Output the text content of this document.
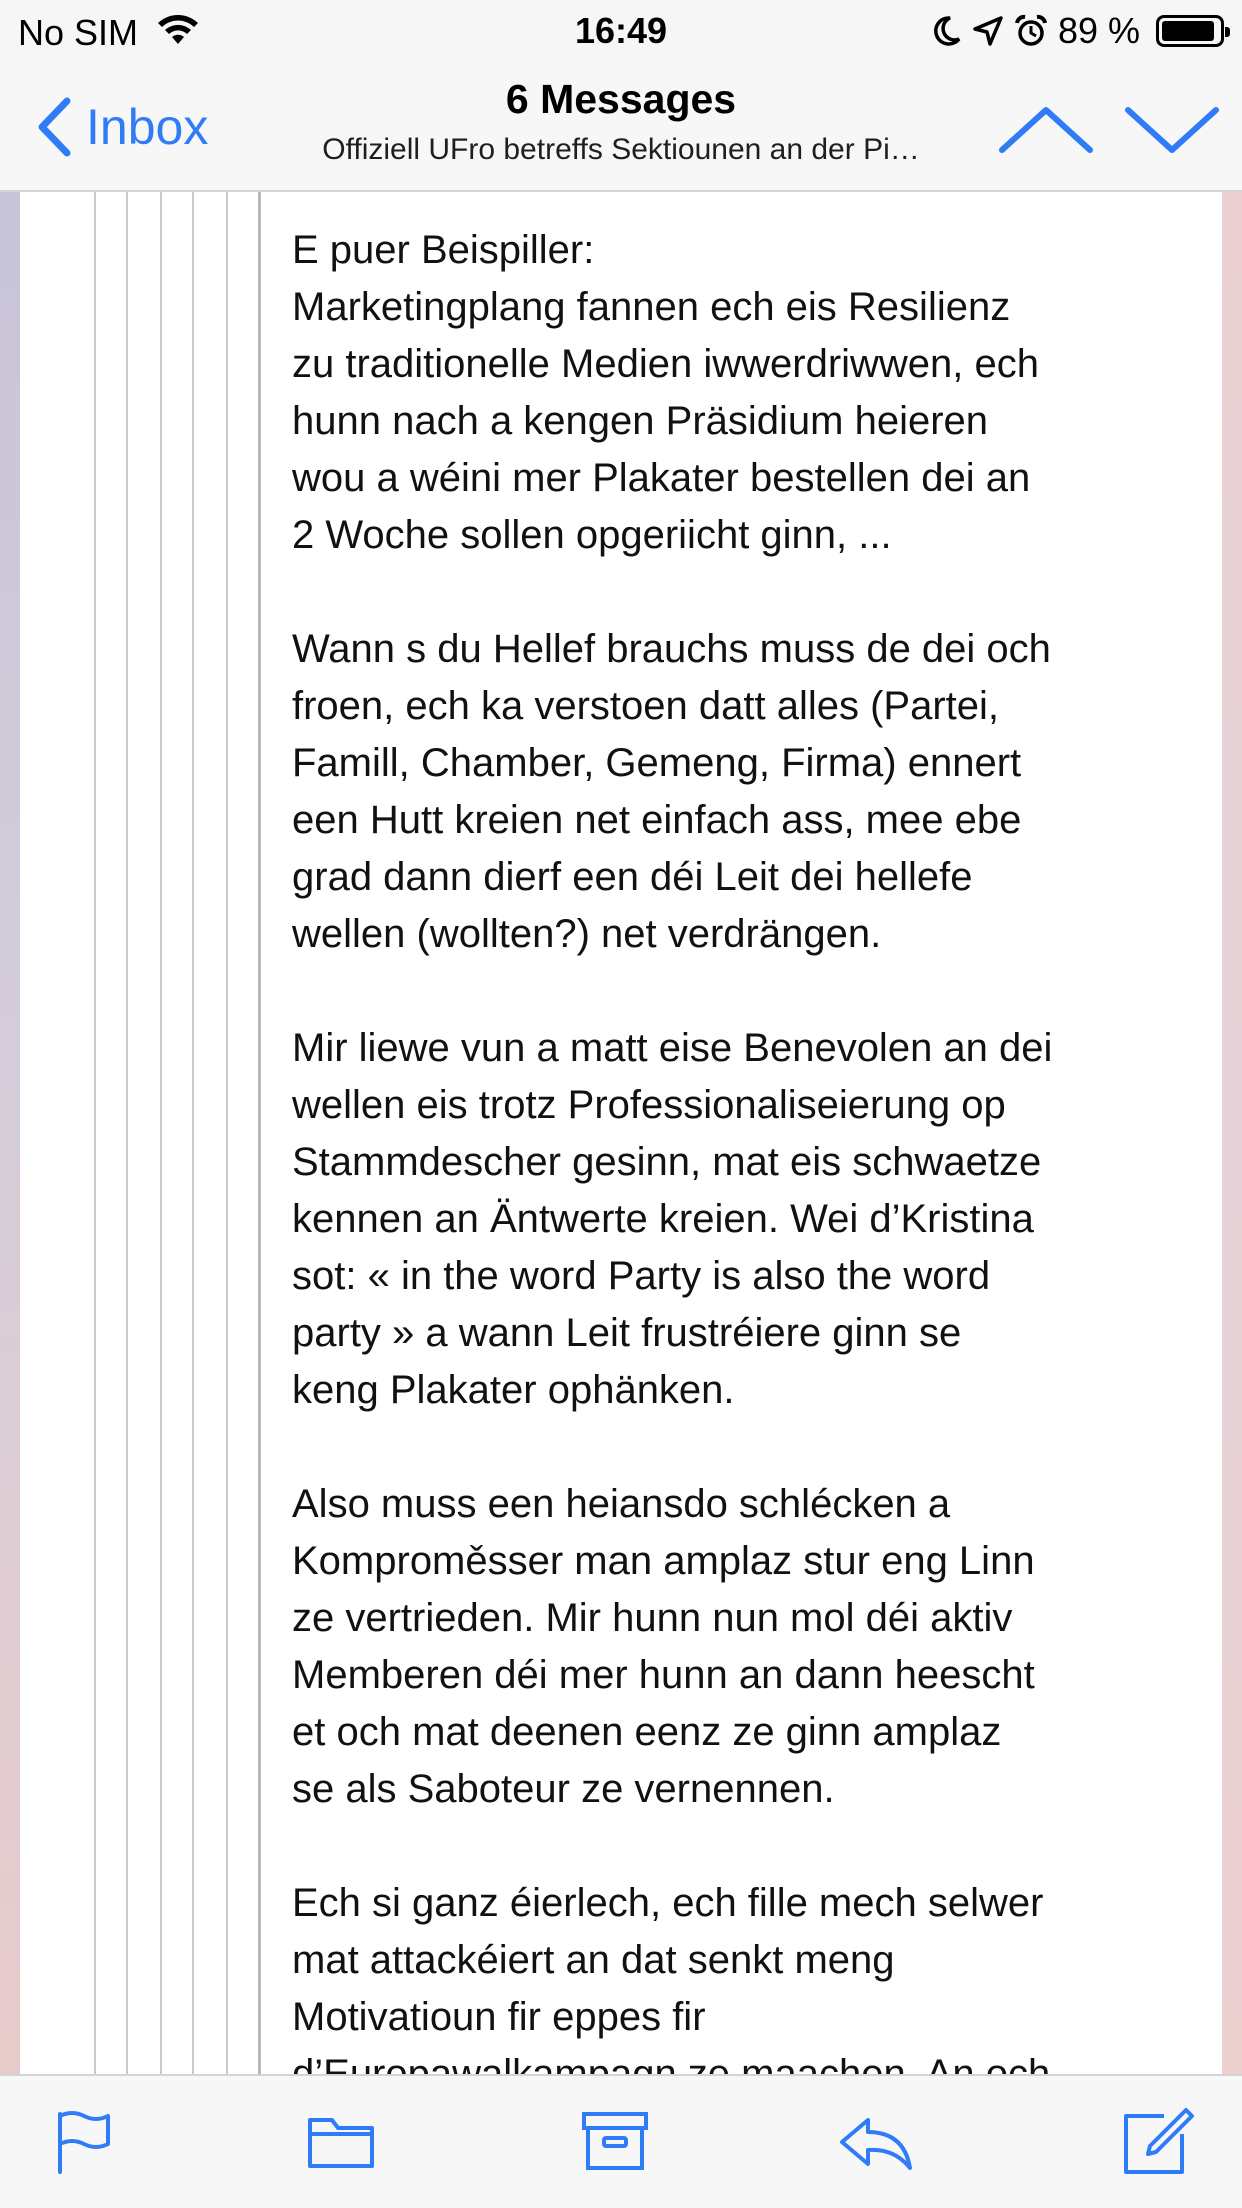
No SIM	16:49	89 %
Inbox	6 Messages
Offiziell UFro betreffs Sektiounen an der Pi…

E puer Beispiller:
Marketingplang fannen ech eis Resilienz
zu traditionelle Medien iwwerdriwwen, ech
hunn nach a kengen Präsidium heieren
wou a wéini mer Plakater bestellen dei an
2 Woche sollen opgeriicht ginn, ...

Wann s du Hellef brauchs muss de dei och
froen, ech ka verstoen datt alles (Partei,
Famill, Chamber, Gemeng, Firma) ennert
een Hutt kreien net einfach ass, mee ebe
grad dann dierf een déi Leit dei hellefe
wellen (wollten?) net verdrängen.

Mir liewe vun a matt eise Benevolen an dei
wellen eis trotz Professionaliseierung op
Stammdescher gesinn, mat eis schwaetze
kennen an Äntwerte kreien. Wei d’Kristina
sot: « in the word Party is also the word
party » a wann Leit frustréiere ginn se
keng Plakater ophänken.

Also muss een heiansdo schlécken a
Komproměsser man amplaz stur eng Linn
ze vertrieden. Mir hunn nun mol déi aktiv
Memberen déi mer hunn an dann heescht
et och mat deenen eenz ze ginn amplaz
se als Saboteur ze vernennen.

Ech si ganz éierlech, ech fille mech selwer
mat attackéiert an dat senkt meng
Motivatioun fir eppes fir
